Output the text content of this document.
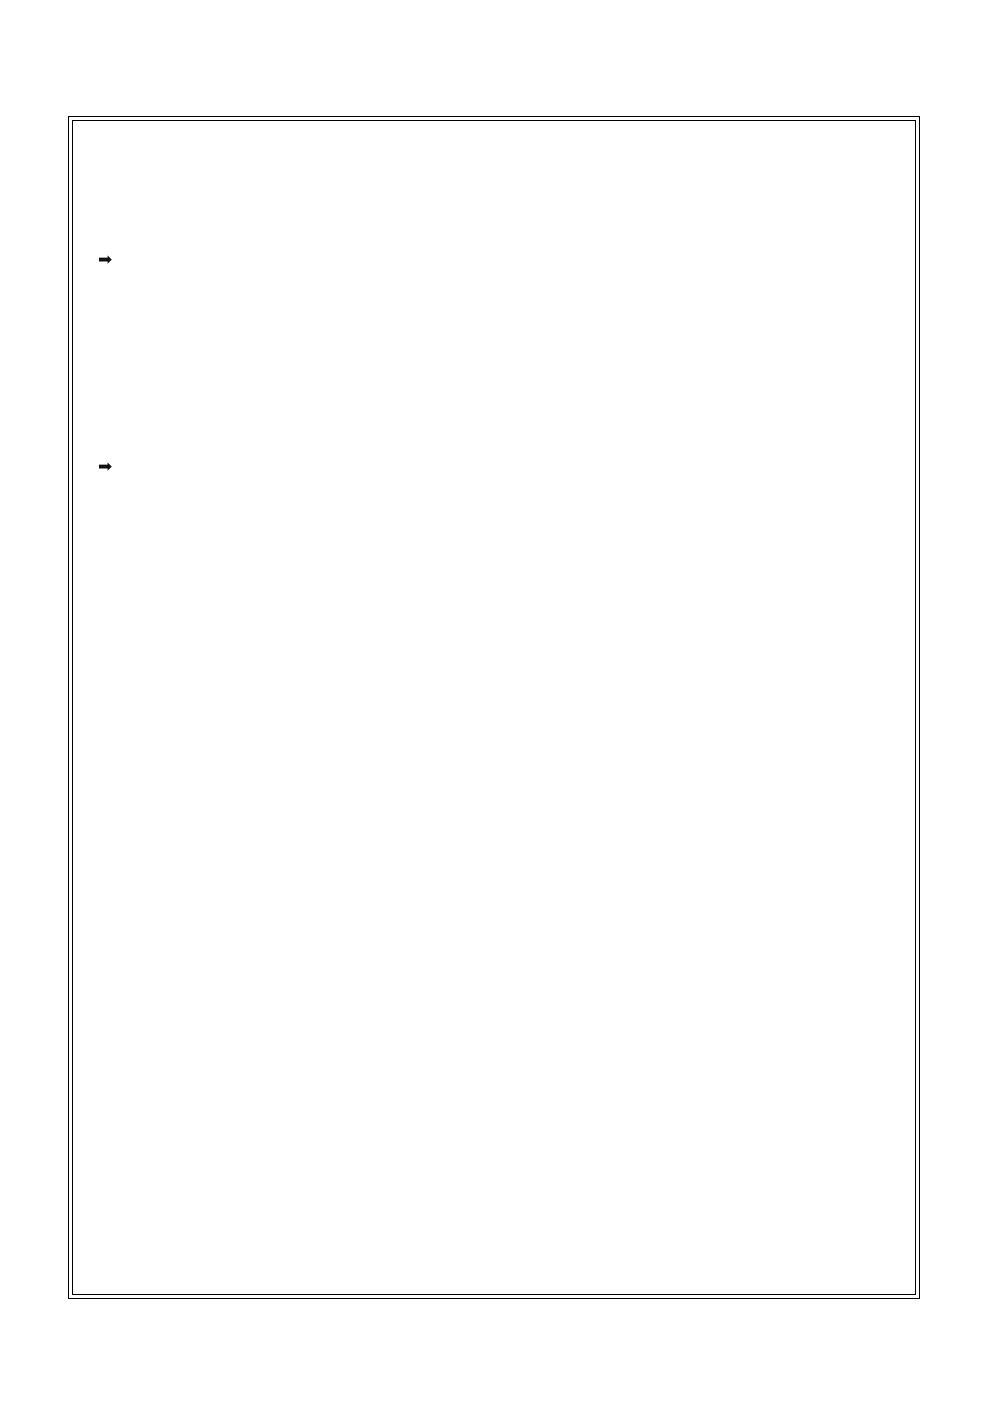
➡

➡
